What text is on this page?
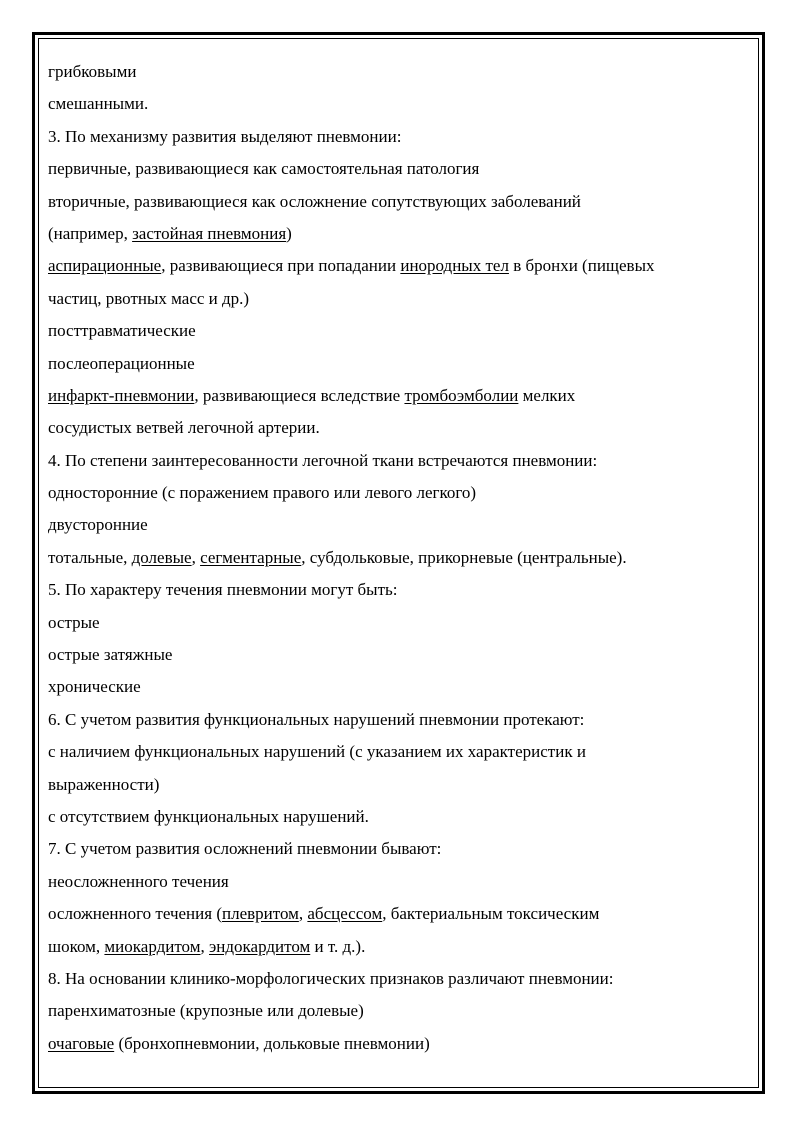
грибковыми
смешанными.
3. По механизму развития выделяют пневмонии:
первичные, развивающиеся как самостоятельная патология
вторичные, развивающиеся как осложнение сопутствующих заболеваний
(например, застойная пневмония)
аспирационные, развивающиеся при попадании инородных тел в бронхи (пищевых
частиц, рвотных масс и др.)
посттравматические
послеоперационные
инфаркт-пневмонии, развивающиеся вследствие тромбоэмболии мелких
сосудистых ветвей легочной артерии.
4. По степени заинтересованности легочной ткани встречаются пневмонии:
односторонние (с поражением правого или левого легкого)
двусторонние
тотальные, долевые, сегментарные, субдольковые, прикорневые (центральные).
5. По характеру течения пневмонии могут быть:
острые
острые затяжные
хронические
6. С учетом развития функциональных нарушений пневмонии протекают:
с наличием функциональных нарушений (с указанием их характеристик и
выраженности)
с отсутствием функциональных нарушений.
7. С учетом развития осложнений пневмонии бывают:
неосложненного течения
осложненного течения (плевритом, абсцессом, бактериальным токсическим
шоком, миокардитом, эндокардитом и т. д.).
8. На основании клинико-морфологических признаков различают пневмонии:
паренхиматозные (крупозные или долевые)
очаговые (бронхопневмонии, дольковые пневмонии)
